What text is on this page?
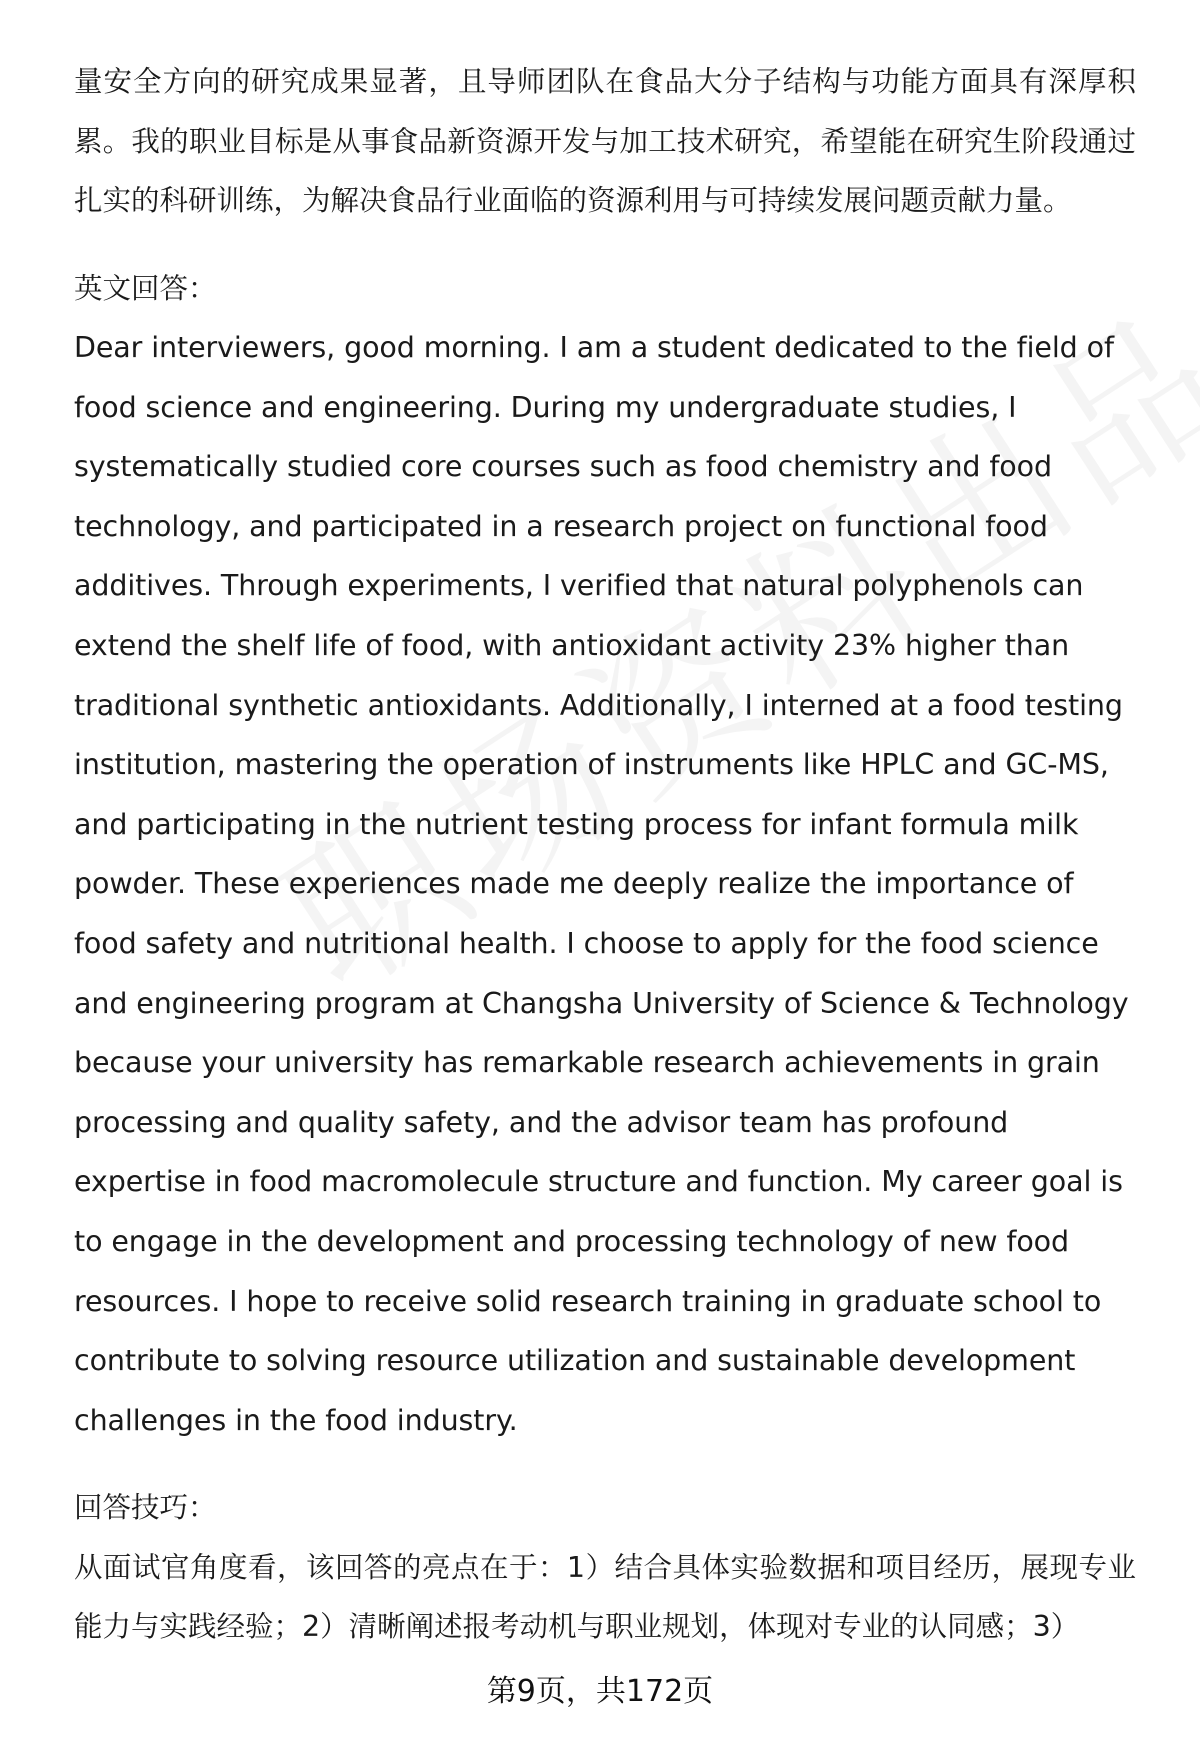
量安全方向的研究成果显著，且导师团队在食品大分子结构与功能方面具有深厚积累。我的职业目标是从事食品新资源开发与加工技术研究，希望能在研究生阶段通过扎实的科研训练，为解决食品行业面临的资源利用与可持续发展问题贡献力量。

英文回答：

Dear interviewers, good morning. I am a student dedicated to the field of food science and engineering. During my undergraduate studies, I systematically studied core courses such as food chemistry and food technology, and participated in a research project on functional food additives. Through experiments, I verified that natural polyphenols can extend the shelf life of food, with antioxidant activity 23% higher than traditional synthetic antioxidants. Additionally, I interned at a food testing institution, mastering the operation of instruments like HPLC and GC-MS, and participating in the nutrient testing process for infant formula milk powder. These experiences made me deeply realize the importance of food safety and nutritional health. I choose to apply for the food science and engineering program at Changsha University of Science & Technology because your university has remarkable research achievements in grain processing and quality safety, and the advisor team has profound expertise in food macromolecule structure and function. My career goal is to engage in the development and processing technology of new food resources. I hope to receive solid research training in graduate school to contribute to solving resource utilization and sustainable development challenges in the food industry.

回答技巧：

从面试官角度看，该回答的亮点在于：1）结合具体实验数据和项目经历，展现专业能力与实践经验；2）清晰阐述报考动机与职业规划，体现对专业的认同感；3）

第9页，共172页
